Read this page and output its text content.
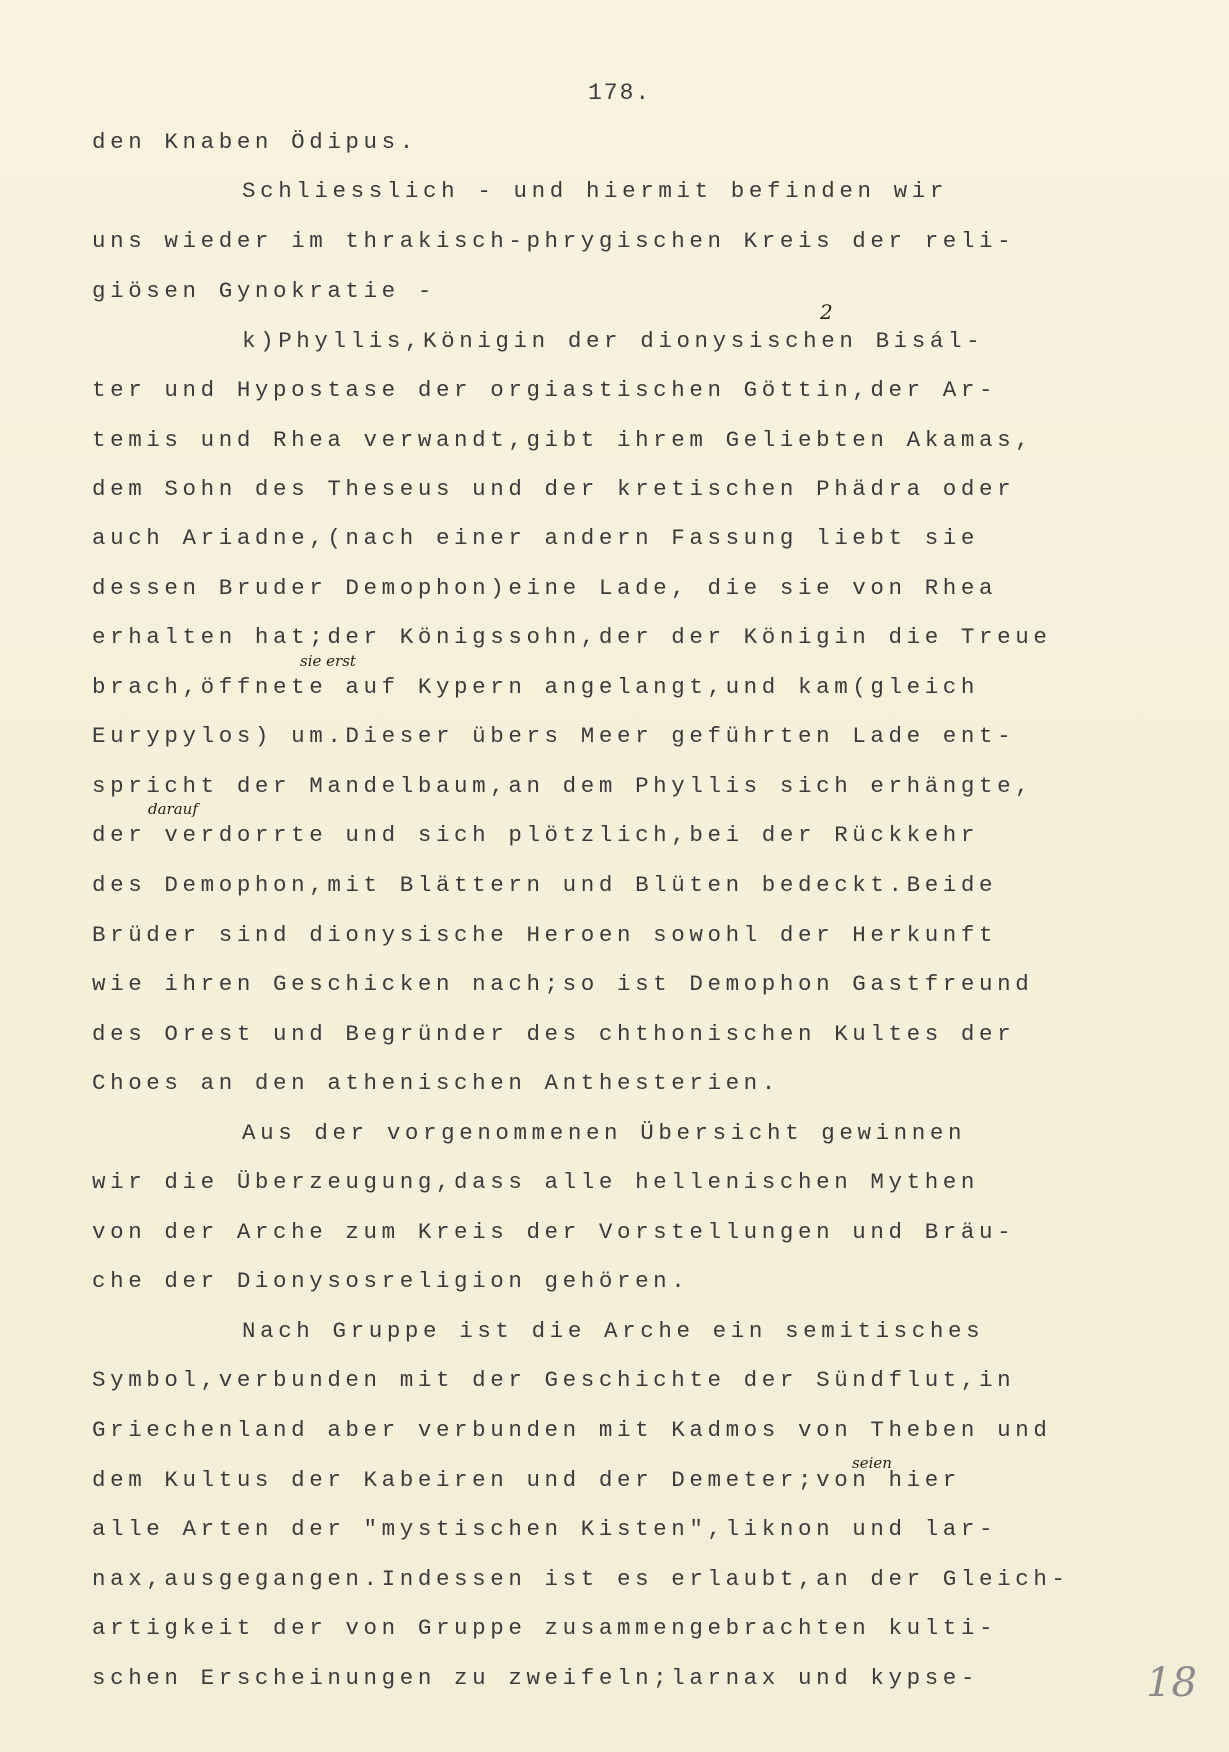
178.
2
sie erst
darauf
seien
den Knaben Ödipus.
Schliesslich - und hiermit befinden wir
uns wieder im thrakisch-phrygischen Kreis der reli-
giösen Gynokratie -
k)Phyllis,Königin der dionysischen Bisál-
ter und Hypostase der orgiastischen Göttin,der Ar-
temis und Rhea verwandt,gibt ihrem Geliebten Akamas,
dem Sohn des Theseus und der kretischen Phädra oder
auch Ariadne,(nach einer andern Fassung liebt sie
dessen Bruder Demophon)eine Lade, die sie von Rhea
erhalten hat;der Königssohn,der der Königin die Treue
brach,öffnete auf Kypern angelangt,und kam(gleich
Eurypylos) um.Dieser übers Meer geführten Lade ent-
spricht der Mandelbaum,an dem Phyllis sich erhängte,
der verdorrte und sich plötzlich,bei der Rückkehr
des Demophon,mit Blättern und Blüten bedeckt.Beide
Brüder sind dionysische Heroen sowohl der Herkunft
wie ihren Geschicken nach;so ist Demophon Gastfreund
des Orest und Begründer des chthonischen Kultes der
Choes an den athenischen Anthesterien.
Aus der vorgenommenen Übersicht gewinnen
wir die Überzeugung,dass alle hellenischen Mythen
von der Arche zum Kreis der Vorstellungen und Bräu-
che der Dionysosreligion gehören.
Nach Gruppe ist die Arche ein semitisches
Symbol,verbunden mit der Geschichte der Sündflut,in
Griechenland aber verbunden mit Kadmos von Theben und
dem Kultus der Kabeiren und der Demeter;von hier
alle Arten der "mystischen Kisten",liknon und lar-
nax,ausgegangen.Indessen ist es erlaubt,an der Gleich-
artigkeit der von Gruppe zusammengebrachten kulti-
schen Erscheinungen zu zweifeln;larnax und kypse-	18
